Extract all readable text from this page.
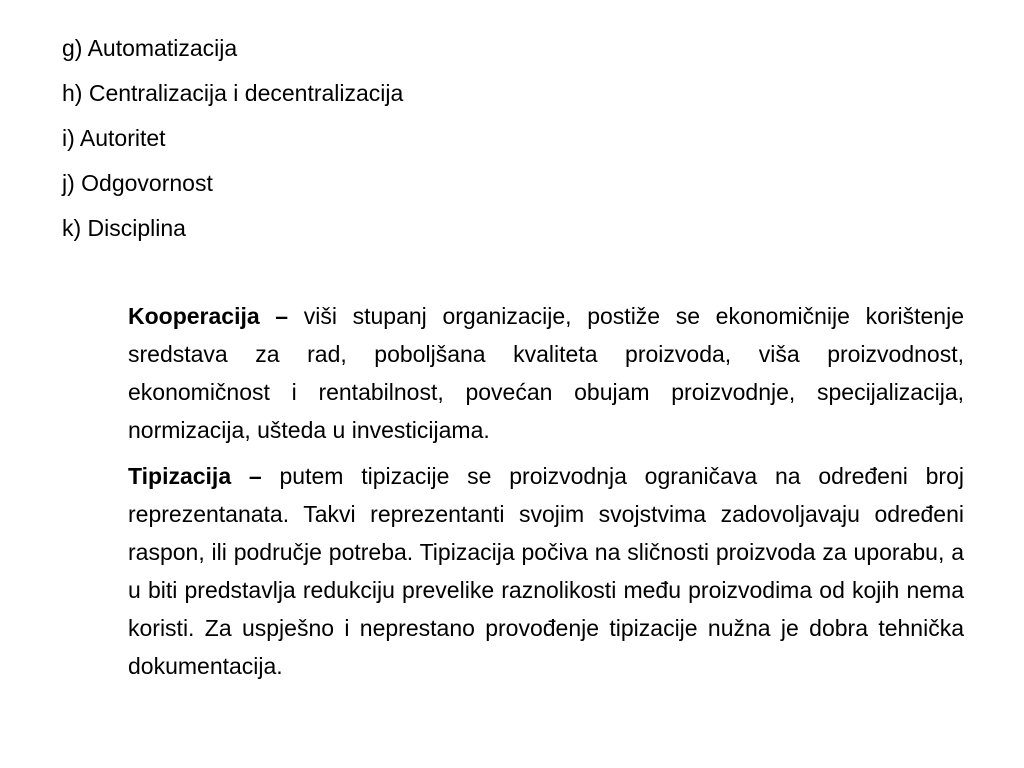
g) Automatizacija
h) Centralizacija i decentralizacija
i) Autoritet
j) Odgovornost
k) Disciplina

Kooperacija – viši stupanj organizacije, postiže se ekonomičnije korištenje sredstava za rad, poboljšana kvaliteta proizvoda, viša proizvodnost, ekonomičnost i rentabilnost, povećan obujam proizvodnje, specijalizacija, normizacija, ušteda u investicijama.

Tipizacija – putem tipizacije se proizvodnja ograničava na određeni broj reprezentanata. Takvi reprezentanti svojim svojstvima zadovoljavaju određeni raspon, ili područje potreba. Tipizacija počiva na sličnosti proizvoda za uporabu, a u biti predstavlja redukciju prevelike raznolikosti među proizvodima od kojih nema koristi. Za uspješno i neprestano provođenje tipizacije nužna je dobra tehnička dokumentacija.
